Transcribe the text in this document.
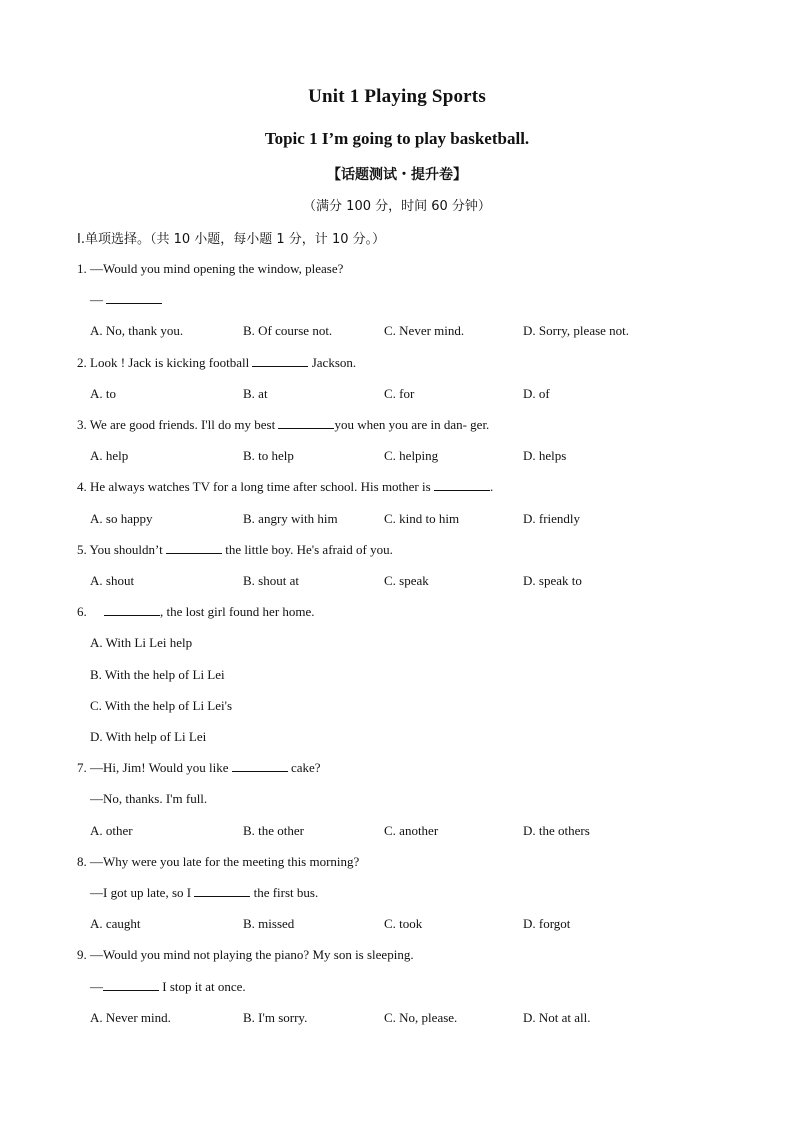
Unit 1 Playing Sports
Topic 1 I’m going to play basketball.
【话题测试・提升卷】
（满分 100 分，时间 60 分钟）
I.单项选择。（共 10 小题，每小题 1 分，计 10 分。）
1. —Would you mind opening the window, please?
—
A. No, thank you.	B. Of course not.	C. Never mind.	D. Sorry, please not.
2. Look ! Jack is kicking football	Jackson.
A. to	B. at	C. for	D. of
3. We are good friends. I'll do my best	you when you are in dan- ger.
A. help	B. to help	C. helping	D. helps
4. He always watches TV for a long time after school. His mother is	.
A. so happy	B. angry with him	C. kind to him	D. friendly
5. You shouldn’t	the little boy. He's afraid of you.
A. shout	B. shout at	C. speak	D. speak to
6.	, the lost girl found her home.
A. With Li Lei help
B. With the help of Li Lei
C. With the help of Li Lei's
D. With help of Li Lei
7. —Hi, Jim! Would you like	cake?
—No, thanks. I'm full.
A. other	B. the other	C. another	D. the others
8. —Why were you late for the meeting this morning?
—I got up late, so I	the first bus.
A. caught	B. missed	C. took	D. forgot
9. —Would you mind not playing the piano? My son is sleeping.
—	I stop it at once.
A. Never mind.	B. I'm sorry.	C. No, please.	D. Not at all.
